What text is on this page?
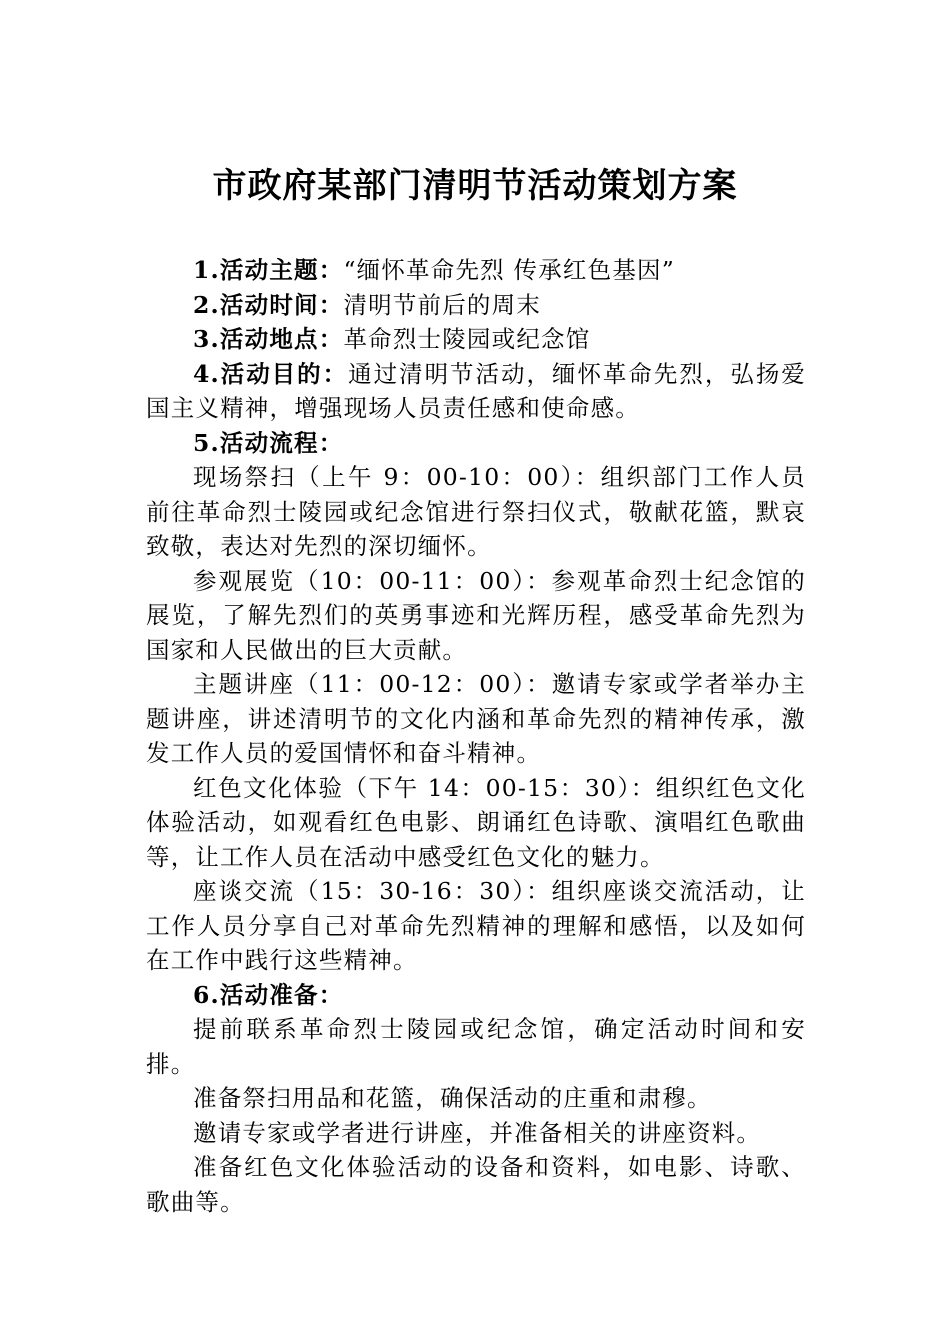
市政府某部门清明节活动策划方案

1.活动主题：“缅怀革命先烈 传承红色基因”

2.活动时间：清明节前后的周末

3.活动地点：革命烈士陵园或纪念馆

4.活动目的：通过清明节活动，缅怀革命先烈，弘扬爱国主义精神，增强现场人员责任感和使命感。

5.活动流程：

现场祭扫（上午 9：00-10：00）：组织部门工作人员前往革命烈士陵园或纪念馆进行祭扫仪式，敬献花篮，默哀致敬，表达对先烈的深切缅怀。

参观展览（10：00-11：00）：参观革命烈士纪念馆的展览，了解先烈们的英勇事迹和光辉历程，感受革命先烈为国家和人民做出的巨大贡献。

主题讲座（11：00-12：00）：邀请专家或学者举办主题讲座，讲述清明节的文化内涵和革命先烈的精神传承，激发工作人员的爱国情怀和奋斗精神。

红色文化体验（下午 14：00-15：30）：组织红色文化体验活动，如观看红色电影、朗诵红色诗歌、演唱红色歌曲等，让工作人员在活动中感受红色文化的魅力。

座谈交流（15：30-16：30）：组织座谈交流活动，让工作人员分享自己对革命先烈精神的理解和感悟，以及如何在工作中践行这些精神。

6.活动准备：

提前联系革命烈士陵园或纪念馆，确定活动时间和安排。

准备祭扫用品和花篮，确保活动的庄重和肃穆。

邀请专家或学者进行讲座，并准备相关的讲座资料。

准备红色文化体验活动的设备和资料，如电影、诗歌、歌曲等。
